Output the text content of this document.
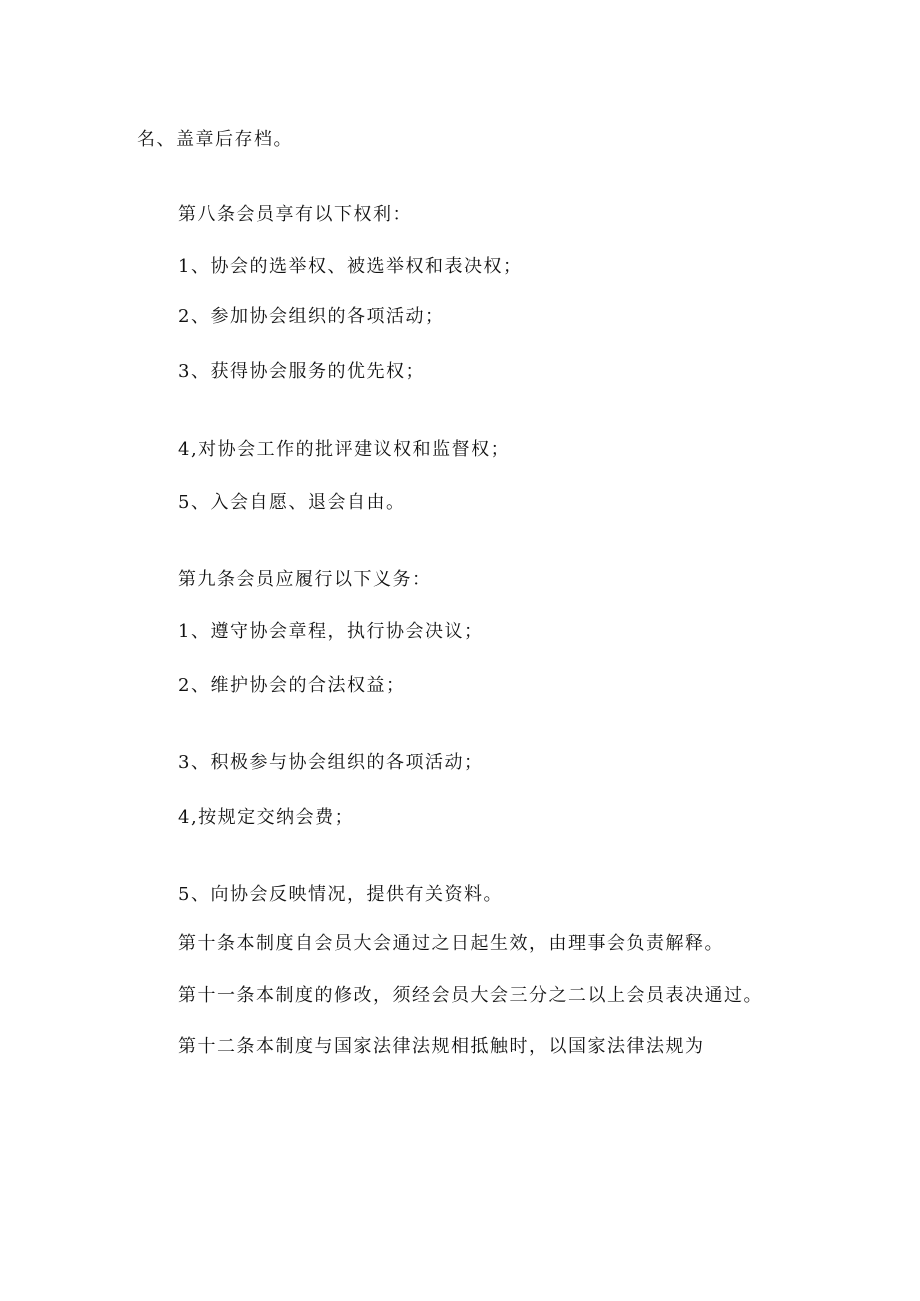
名、盖章后存档。
第八条会员享有以下权利：
1、协会的选举权、被选举权和表决权；
2、参加协会组织的各项活动；
3、获得协会服务的优先权；
4,对协会工作的批评建议权和监督权；
5、入会自愿、退会自由。
第九条会员应履行以下义务：
1、遵守协会章程，执行协会决议；
2、维护协会的合法权益；
3、积极参与协会组织的各项活动；
4,按规定交纳会费；
5、向协会反映情况，提供有关资料。
第十条本制度自会员大会通过之日起生效，由理事会负责解释。
第十一条本制度的修改，须经会员大会三分之二以上会员表决通过。
第十二条本制度与国家法律法规相抵触时，以国家法律法规为
